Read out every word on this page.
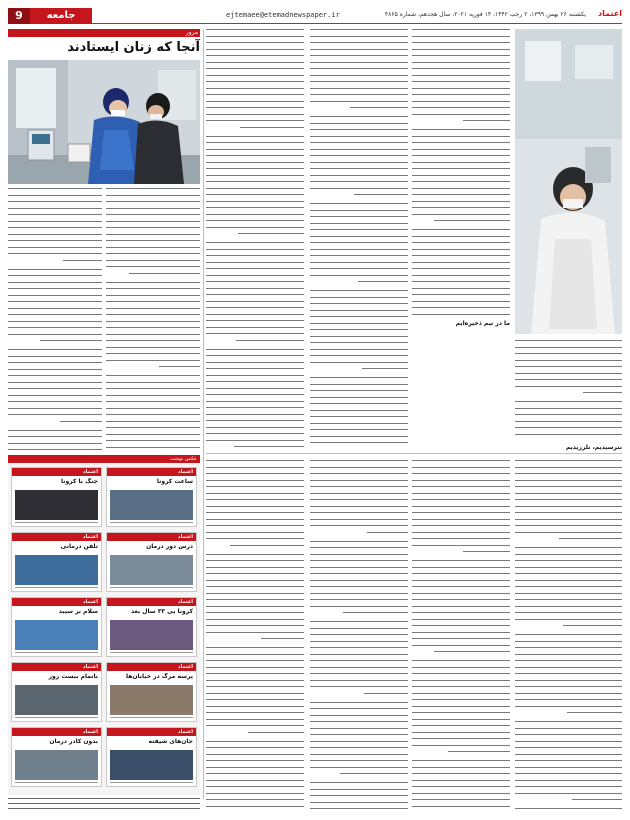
9	جامعه	ejtemaee@etemadnewspaper.ir	یکشنبه ۲۶ بهمن ۱۳۹۹، ۲ رجب ۱۴۴۲، ۱۴ فوریه ۲۰۲۱، سال هجدهم، شماره ۴۸۶۵	اعتماد
مرور
آنجا که زنان ایستادند
عکس نوشت
اعتماد
ساعت کرونا
اعتماد
جنگ با کرونا
اعتماد
درس دور درمان
اعتماد
تلفن درمانی
اعتماد
کرونا پی ۳۳ سال بعد
اعتماد
سلام بر سپید
اعتماد
پرسه مرگ در خیابان‌ها
اعتماد
ناتمام بیست روز
اعتماد
جان‌های شیفته
اعتماد
بدون کادر درمان
ما در تیم ذخیره‌ایم
نترسیدیم، نلرزیدیم
